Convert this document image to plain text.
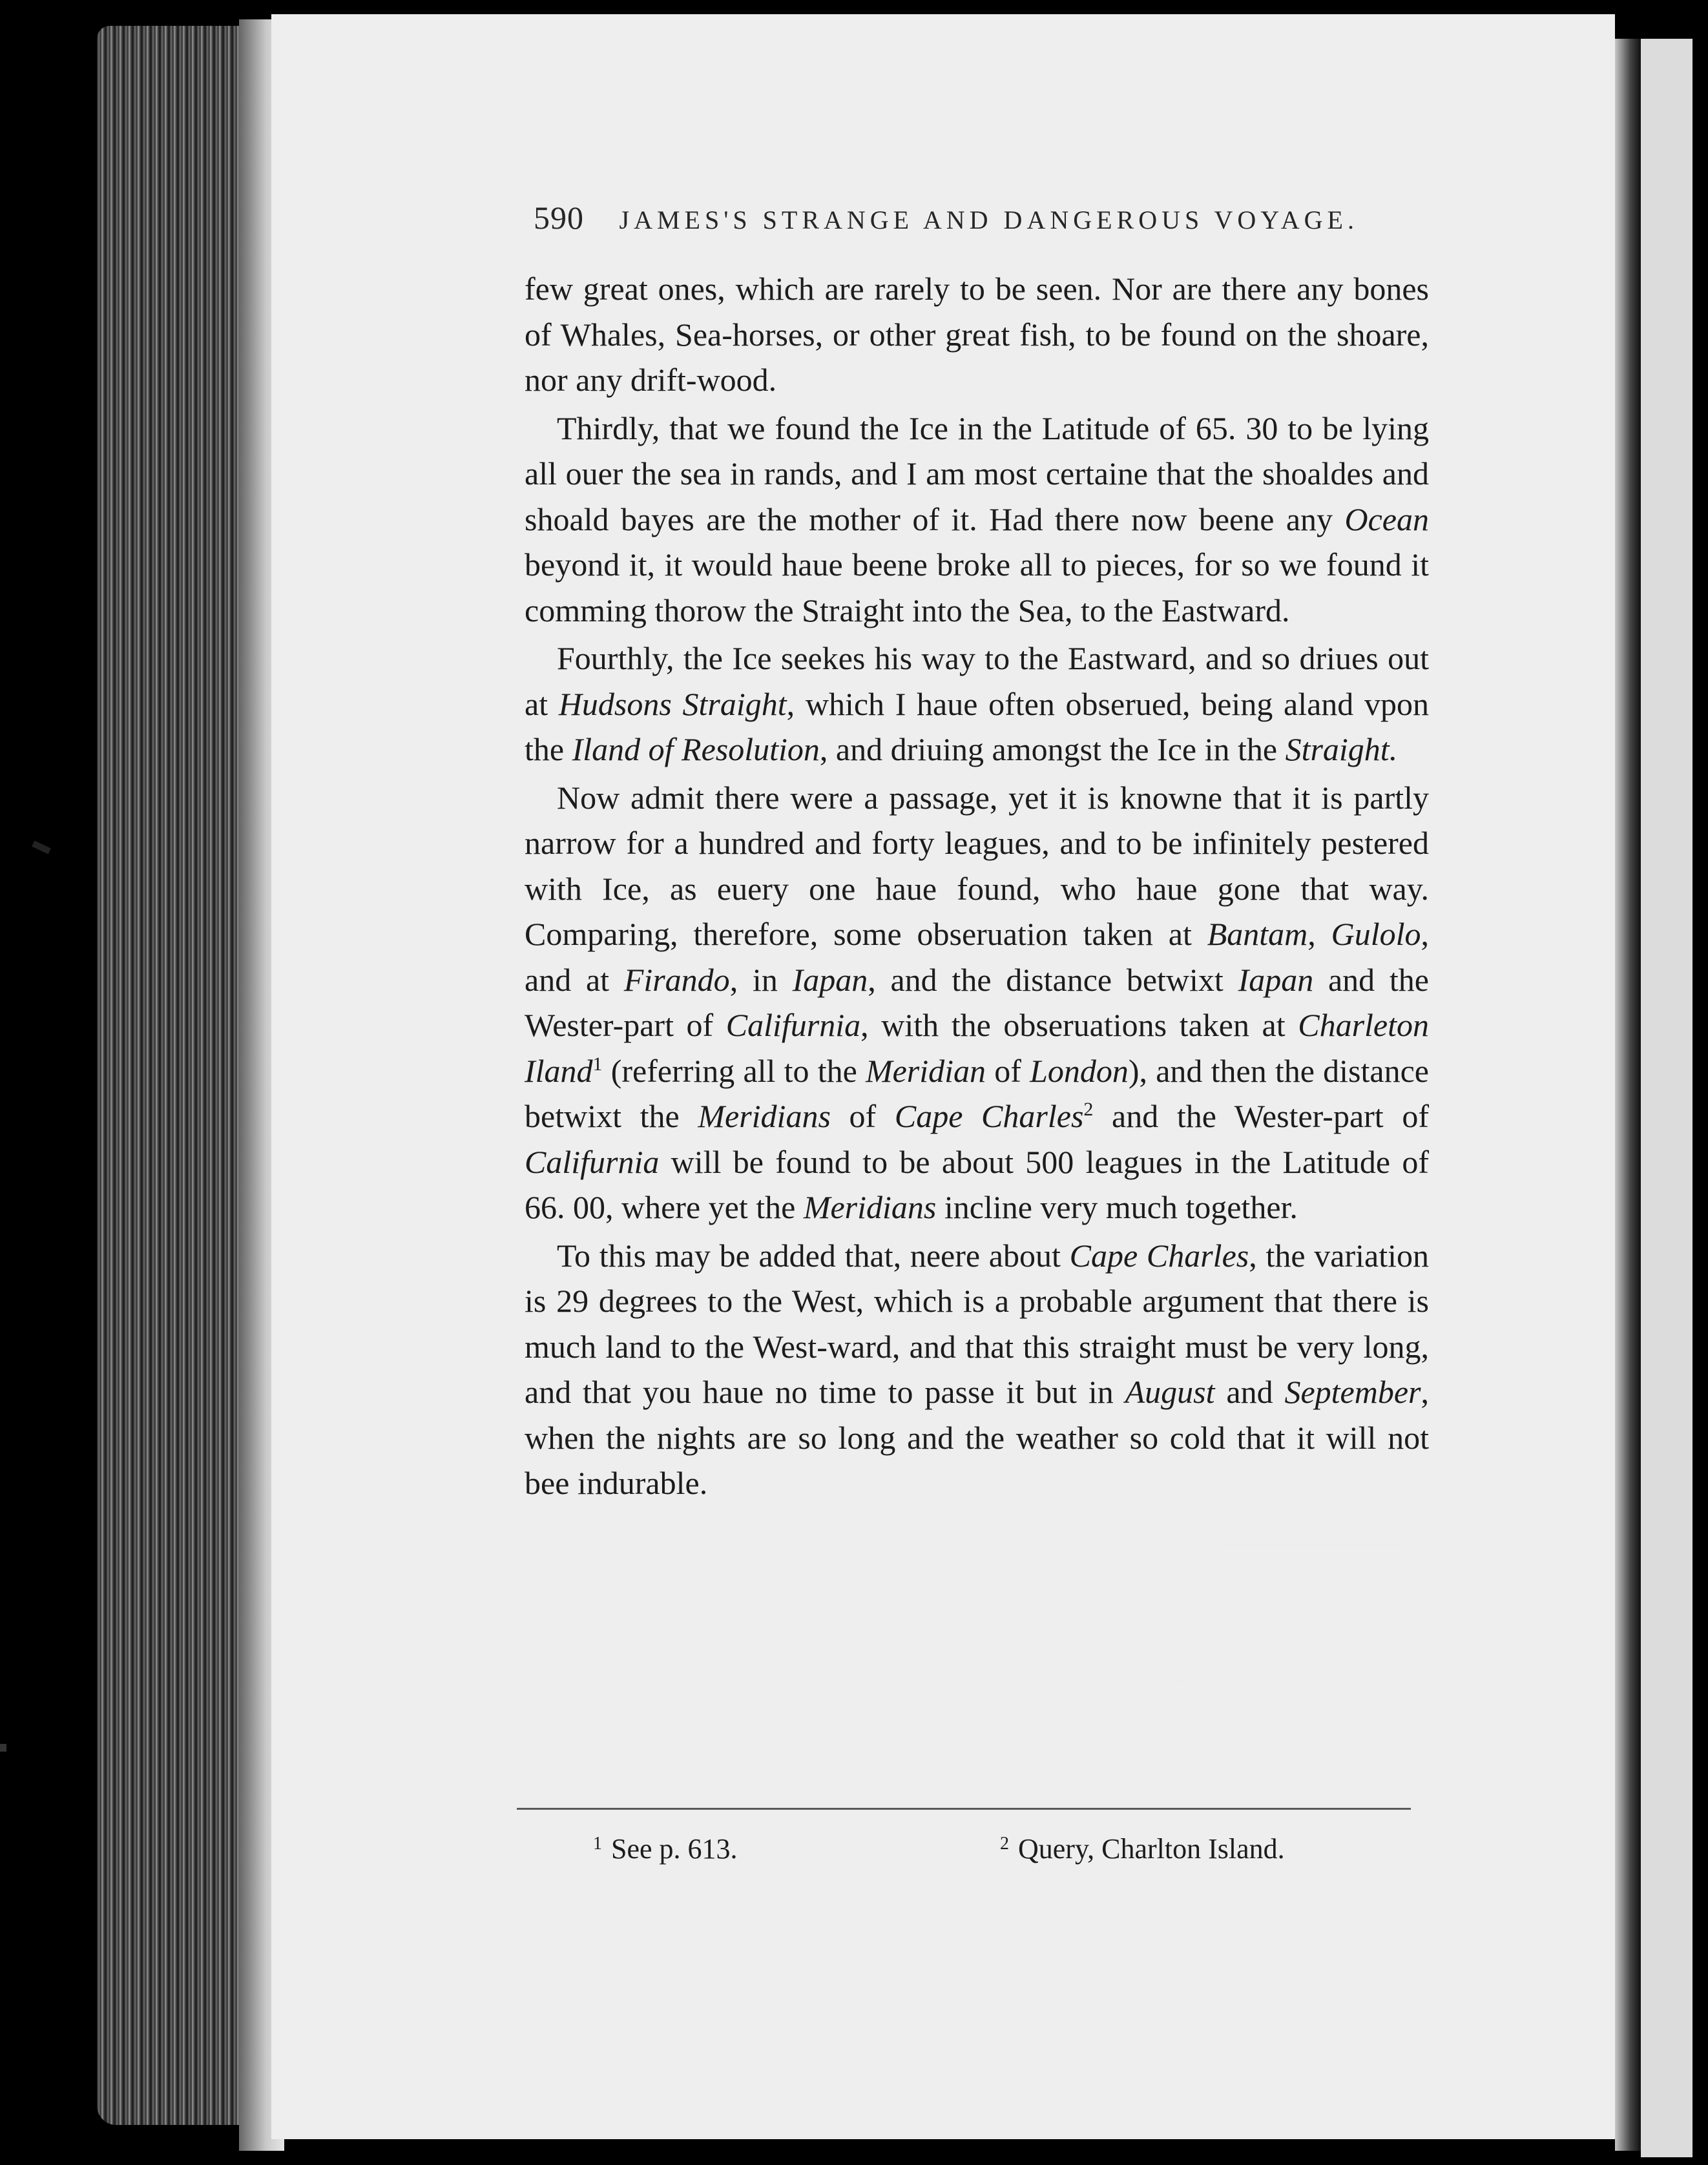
590 JAMES'S STRANGE AND DANGEROUS VOYAGE.

few great ones, which are rarely to be seen. Nor are there any bones of Whales, Sea-horses, or other great fish, to be found on the shoare, nor any drift-wood.

Thirdly, that we found the Ice in the Latitude of 65. 30 to be lying all ouer the sea in rands, and I am most certaine that the shoaldes and shoald bayes are the mother of it. Had there now beene any Ocean beyond it, it would haue beene broke all to pieces, for so we found it comming thorow the Straight into the Sea, to the Eastward.

Fourthly, the Ice seekes his way to the Eastward, and so driues out at Hudsons Straight, which I haue often obserued, being aland vpon the Iland of Resolution, and driuing amongst the Ice in the Straight.

Now admit there were a passage, yet it is knowne that it is partly narrow for a hundred and forty leagues, and to be infinitely pestered with Ice, as euery one haue found, who haue gone that way. Comparing, therefore, some obseruation taken at Bantam, Gulolo, and at Firando, in Iapan, and the distance betwixt Iapan and the Wester-part of Califurnia, with the obseruations taken at Charleton Iland$^1$ (referring all to the Meridian of London), and then the distance betwixt the Meridians of Cape Charles$^2$ and the Wester-part of Califurnia will be found to be about 500 leagues in the Latitude of 66. 00, where yet the Meridians incline very much together.

To this may be added that, neere about Cape Charles, the variation is 29 degrees to the West, which is a probable argument that there is much land to the West-ward, and that this straight must be very long, and that you haue no time to passe it but in August and September, when the nights are so long and the weather so cold that it will not bee indurable.

$^1$ See p. 613.	$^2$ Query, Charlton Island.
